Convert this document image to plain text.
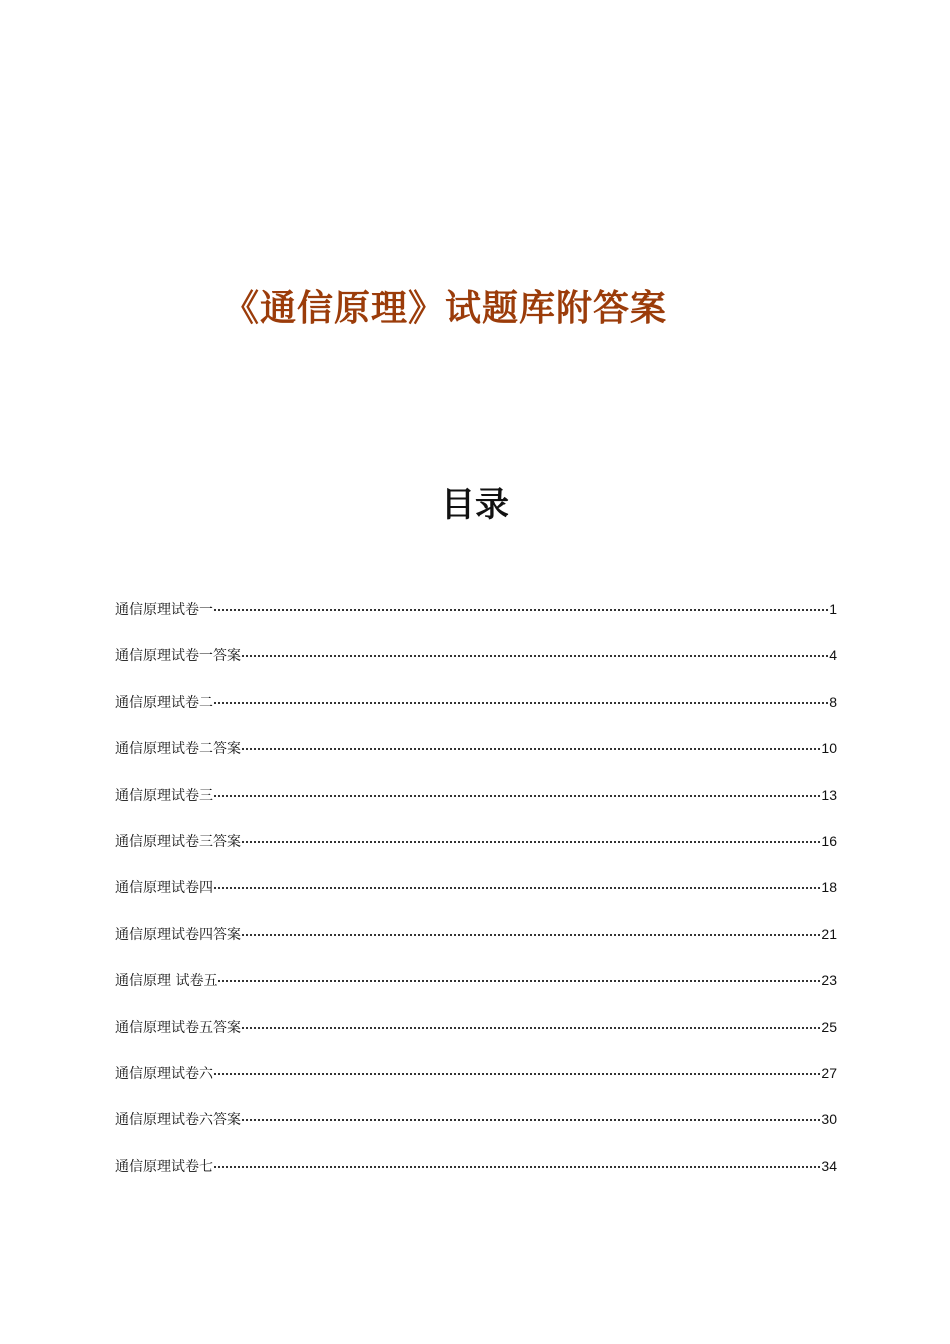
《通信原理》试题库附答案
目录
通信原理试卷一	1
通信原理试卷一答案	4
通信原理试卷二	8
通信原理试卷二答案	10
通信原理试卷三	13
通信原理试卷三答案	16
通信原理试卷四	18
通信原理试卷四答案	21
通信原理 试卷五	23
通信原理试卷五答案	25
通信原理试卷六	27
通信原理试卷六答案	30
通信原理试卷七	34
